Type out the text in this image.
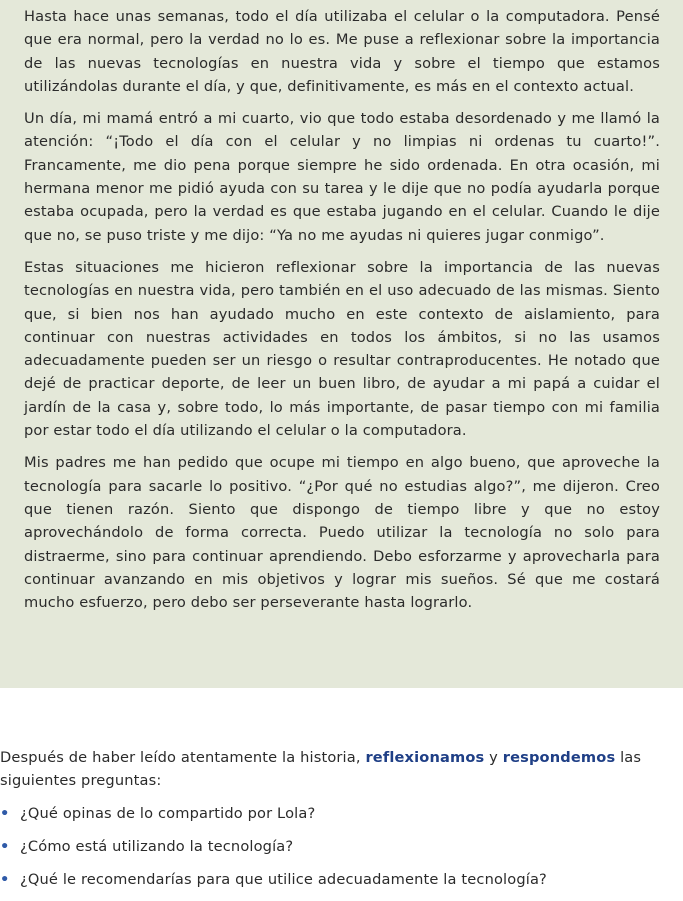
Hasta hace unas semanas, todo el día utilizaba el celular o la computadora. Pensé que era normal, pero la verdad no lo es. Me puse a reflexionar sobre la importancia de las nuevas tecnologías en nuestra vida y sobre el tiempo que estamos utilizándolas durante el día, y que, definitivamente, es más en el contexto actual.

Un día, mi mamá entró a mi cuarto, vio que todo estaba desordenado y me llamó la atención: “¡Todo el día con el celular y no limpias ni ordenas tu cuarto!”. Francamente, me dio pena porque siempre he sido ordenada. En otra ocasión, mi hermana menor me pidió ayuda con su tarea y le dije que no podía ayudarla porque estaba ocupada, pero la verdad es que estaba jugando en el celular. Cuando le dije que no, se puso triste y me dijo: “Ya no me ayudas ni quieres jugar conmigo”.

Estas situaciones me hicieron reflexionar sobre la importancia de las nuevas tecnologías en nuestra vida, pero también en el uso adecuado de las mismas. Siento que, si bien nos han ayudado mucho en este contexto de aislamiento, para continuar con nuestras actividades en todos los ámbitos, si no las usamos adecuadamente pueden ser un riesgo o resultar contraproducentes. He notado que dejé de practicar deporte, de leer un buen libro, de ayudar a mi papá a cuidar el jardín de la casa y, sobre todo, lo más importante, de pasar tiempo con mi familia por estar todo el día utilizando el celular o la computadora.

Mis padres me han pedido que ocupe mi tiempo en algo bueno, que aproveche la tecnología para sacarle lo positivo. “¿Por qué no estudias algo?”, me dijeron. Creo que tienen razón. Siento que dispongo de tiempo libre y que no estoy aprovechándolo de forma correcta. Puedo utilizar la tecnología no solo para distraerme, sino para continuar aprendiendo. Debo esforzarme y aprovecharla para continuar avanzando en mis objetivos y lograr mis sueños. Sé que me costará mucho esfuerzo, pero debo ser perseverante hasta lograrlo.

Después de haber leído atentamente la historia, reflexionamos y respondemos las siguientes preguntas:

• ¿Qué opinas de lo compartido por Lola?
• ¿Cómo está utilizando la tecnología?
• ¿Qué le recomendarías para que utilice adecuadamente la tecnología?
